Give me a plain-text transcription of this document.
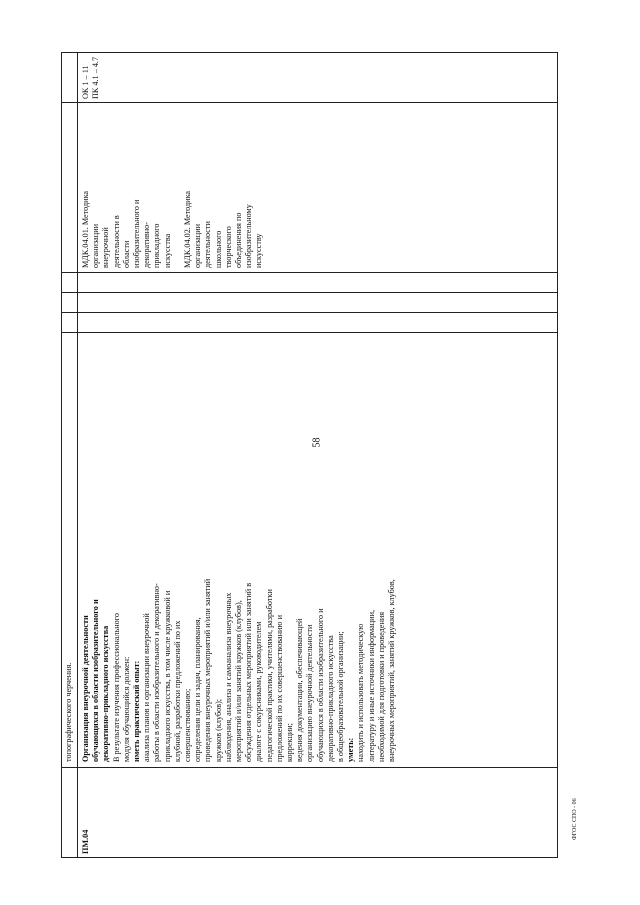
58
ФГОС СПО - 06
топографического черчения.
ПМ.04
Организация внеурочной деятельности
обучающихся в области изобразительного и
декоративно-прикладного искусства
В результате изучения профессионального
модуля обучающийся должен: иметь практический опыт: анализа планов и организации внеурочной
работы в области изобразительного и декоративно-
прикладного искусства, в том числе кружковой и
клубной, разработки предложений по их
совершенствованию;
определения цели и задач, планирования,
проведения внеурочных мероприятий и/или занятий
кружков (клубов);
наблюдения, анализа и самоанализа внеурочных
мероприятий и/или занятий кружков (клубов),
обсуждения отдельных мероприятий или занятий в
диалоге с сокурсниками, руководителем
педагогической практики, учителями, разработки
предложений по их совершенствованию и
коррекции;
ведения документации, обеспечивающей
организацию внеурочной деятельности
обучающихся в области изобразительного и
декоративно-прикладного искусства
в общеобразовательной организации;
уметь: находить и использовать методическую
литературу и иные источники информации,
необходимой для подготовки и проведения
внеурочных мероприятий, занятий кружков, клубов,
МДК.04.01. Методика
организации
внеурочной
деятельности в
области
изобразительного и
декоративно-
прикладного
искусства

МДК.04.02. Методика
организации
деятельности
школьного
творческого
объединения по
изобразительному
искусству
ОК 1 – 11
ПК 4.1 – 4.7
